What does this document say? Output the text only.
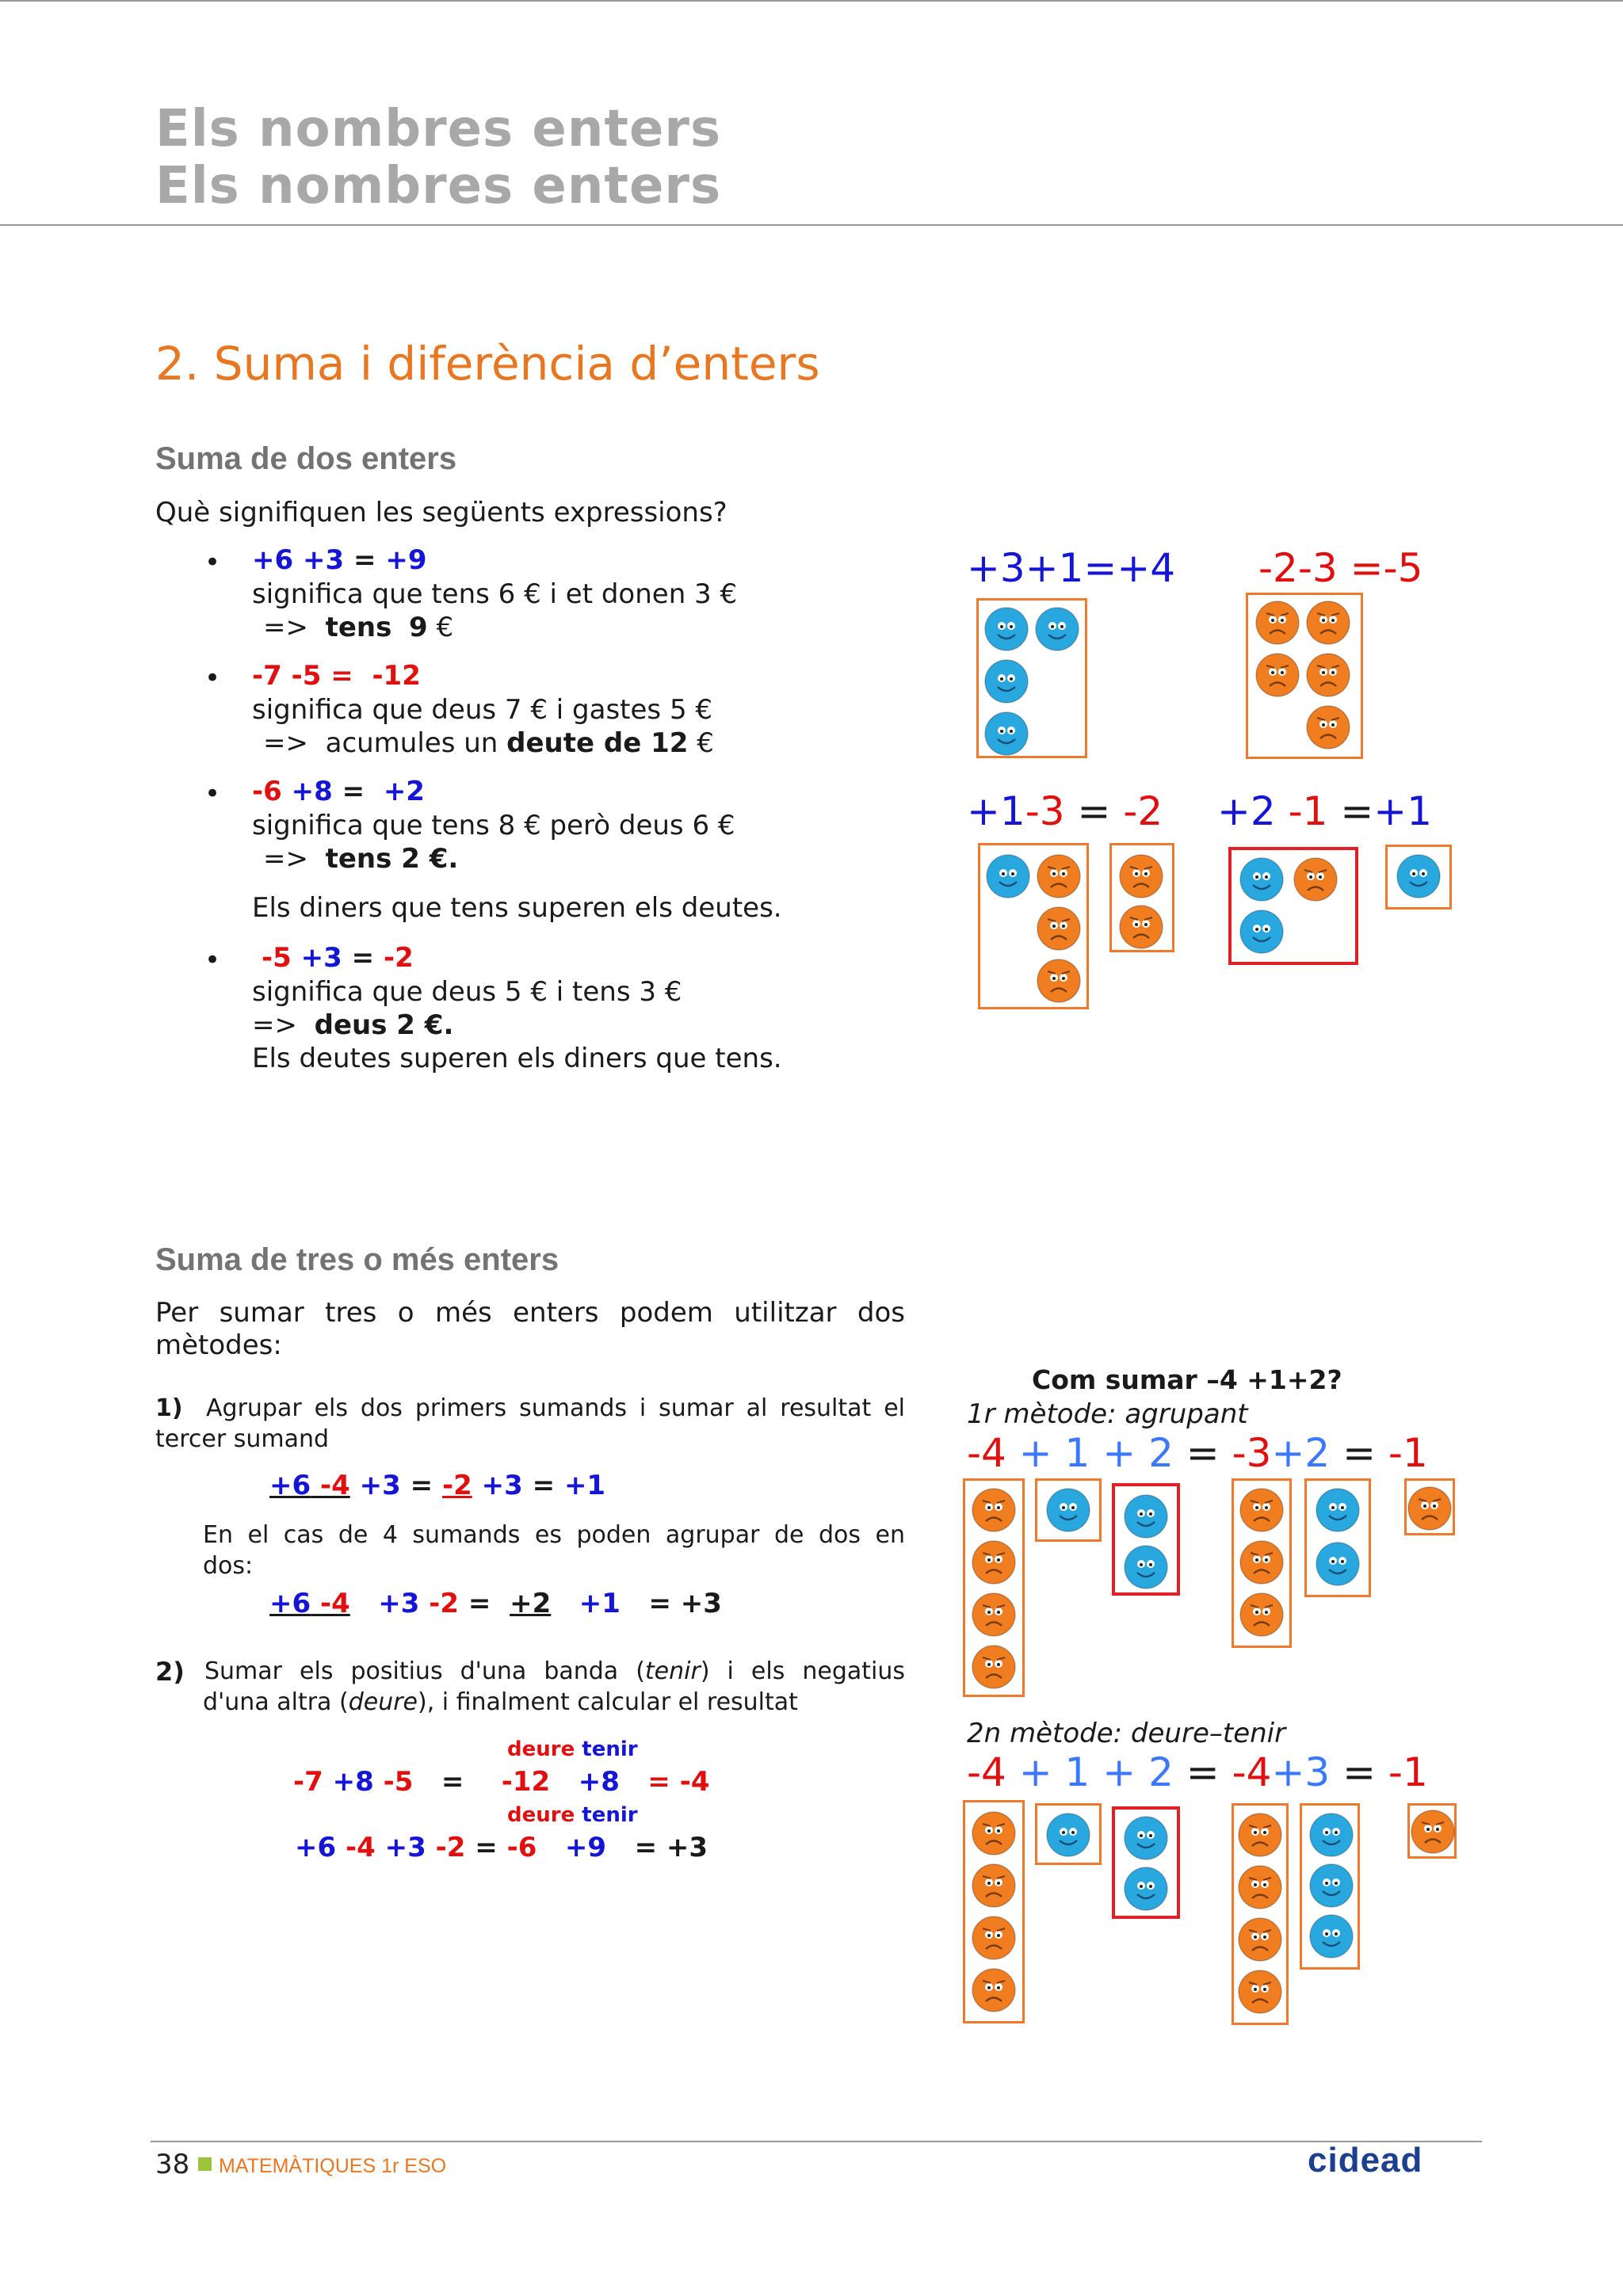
Els nombres enters
Els nombres enters
2. Suma i diferència d’enters
Suma de dos enters
Què signifiquen les següents expressions?
• +6 +3 = +9
significa que tens 6 € i et donen 3 €
=> tens 9 €
• -7 -5 = -12
significa que deus 7 € i gastes 5 €
=> acumules un deute de 12 €
• -6 +8 = +2
significa que tens 8 € però deus 6 €
=> tens 2 €.
Els diners que tens superen els deutes.
• -5 +3 = -2
significa que deus 5 € i tens 3 €
=> deus 2 €.
Els deutes superen els diners que tens.
+3+1=+4 -2-3 =-5
+1-3 = -2 +2 -1 =+1
Suma de tres o més enters
Per sumar tres o més enters podem utilitzar dos
mètodes:
1) Agrupar els dos primers sumands i sumar al resultat el
tercer sumand
+6 -4 +3 = -2 +3 = +1
En el cas de 4 sumands es poden agrupar de dos en
dos:
+6 -4 +3 -2 = +2 +1 = +3
2) Sumar els positius d'una banda (tenir) i els negatius
d'una altra (deure), i finalment calcular el resultat
deure tenir
-7 +8 -5 = -12 +8 = -4
deure tenir
+6 -4 +3 -2 = -6 +9 = +3
Com sumar –4 +1+2?
1r mètode: agrupant
-4 + 1 + 2 = -3+2 = -1
2n mètode: deure–tenir
-4 + 1 + 2 = -4+3 = -1
38 MATEMÀTIQUES 1r ESO	cidead
